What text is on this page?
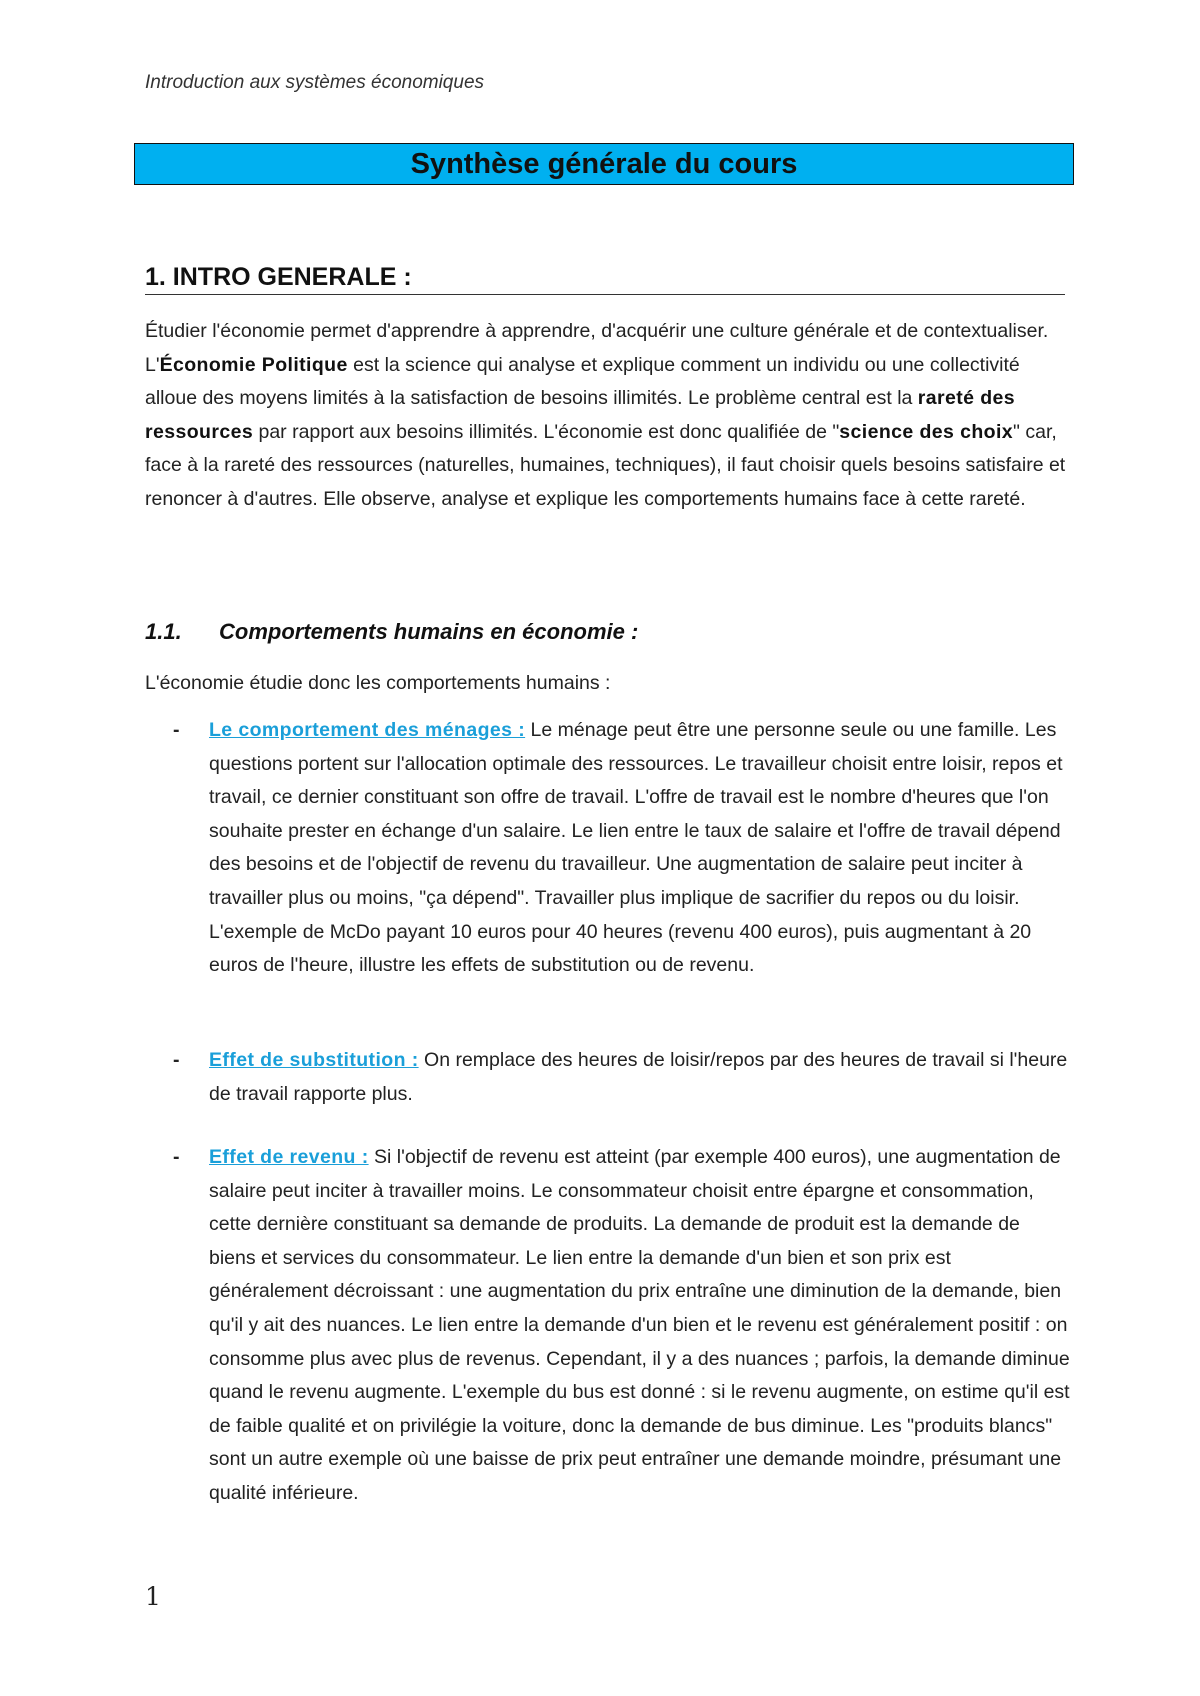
Introduction aux systèmes économiques
Synthèse générale du cours
1. INTRO GENERALE :
Étudier l'économie permet d'apprendre à apprendre, d'acquérir une culture générale et de contextualiser. L'Économie Politique est la science qui analyse et explique comment un individu ou une collectivité alloue des moyens limités à la satisfaction de besoins illimités. Le problème central est la rareté des ressources par rapport aux besoins illimités. L'économie est donc qualifiée de "science des choix" car, face à la rareté des ressources (naturelles, humaines, techniques), il faut choisir quels besoins satisfaire et renoncer à d'autres. Elle observe, analyse et explique les comportements humains face à cette rareté.
1.1. Comportements humains en économie :
L'économie étudie donc les comportements humains :
- Le comportement des ménages : Le ménage peut être une personne seule ou une famille. Les questions portent sur l'allocation optimale des ressources. Le travailleur choisit entre loisir, repos et travail, ce dernier constituant son offre de travail. L'offre de travail est le nombre d'heures que l'on souhaite prester en échange d'un salaire. Le lien entre le taux de salaire et l'offre de travail dépend des besoins et de l'objectif de revenu du travailleur. Une augmentation de salaire peut inciter à travailler plus ou moins, "ça dépend". Travailler plus implique de sacrifier du repos ou du loisir. L'exemple de McDo payant 10 euros pour 40 heures (revenu 400 euros), puis augmentant à 20 euros de l'heure, illustre les effets de substitution ou de revenu.
- Effet de substitution : On remplace des heures de loisir/repos par des heures de travail si l'heure de travail rapporte plus.
- Effet de revenu : Si l'objectif de revenu est atteint (par exemple 400 euros), une augmentation de salaire peut inciter à travailler moins. Le consommateur choisit entre épargne et consommation, cette dernière constituant sa demande de produits. La demande de produit est la demande de biens et services du consommateur. Le lien entre la demande d'un bien et son prix est généralement décroissant : une augmentation du prix entraîne une diminution de la demande, bien qu'il y ait des nuances. Le lien entre la demande d'un bien et le revenu est généralement positif : on consomme plus avec plus de revenus. Cependant, il y a des nuances ; parfois, la demande diminue quand le revenu augmente. L'exemple du bus est donné : si le revenu augmente, on estime qu'il est de faible qualité et on privilégie la voiture, donc la demande de bus diminue. Les "produits blancs" sont un autre exemple où une baisse de prix peut entraîner une demande moindre, présumant une qualité inférieure.
1
